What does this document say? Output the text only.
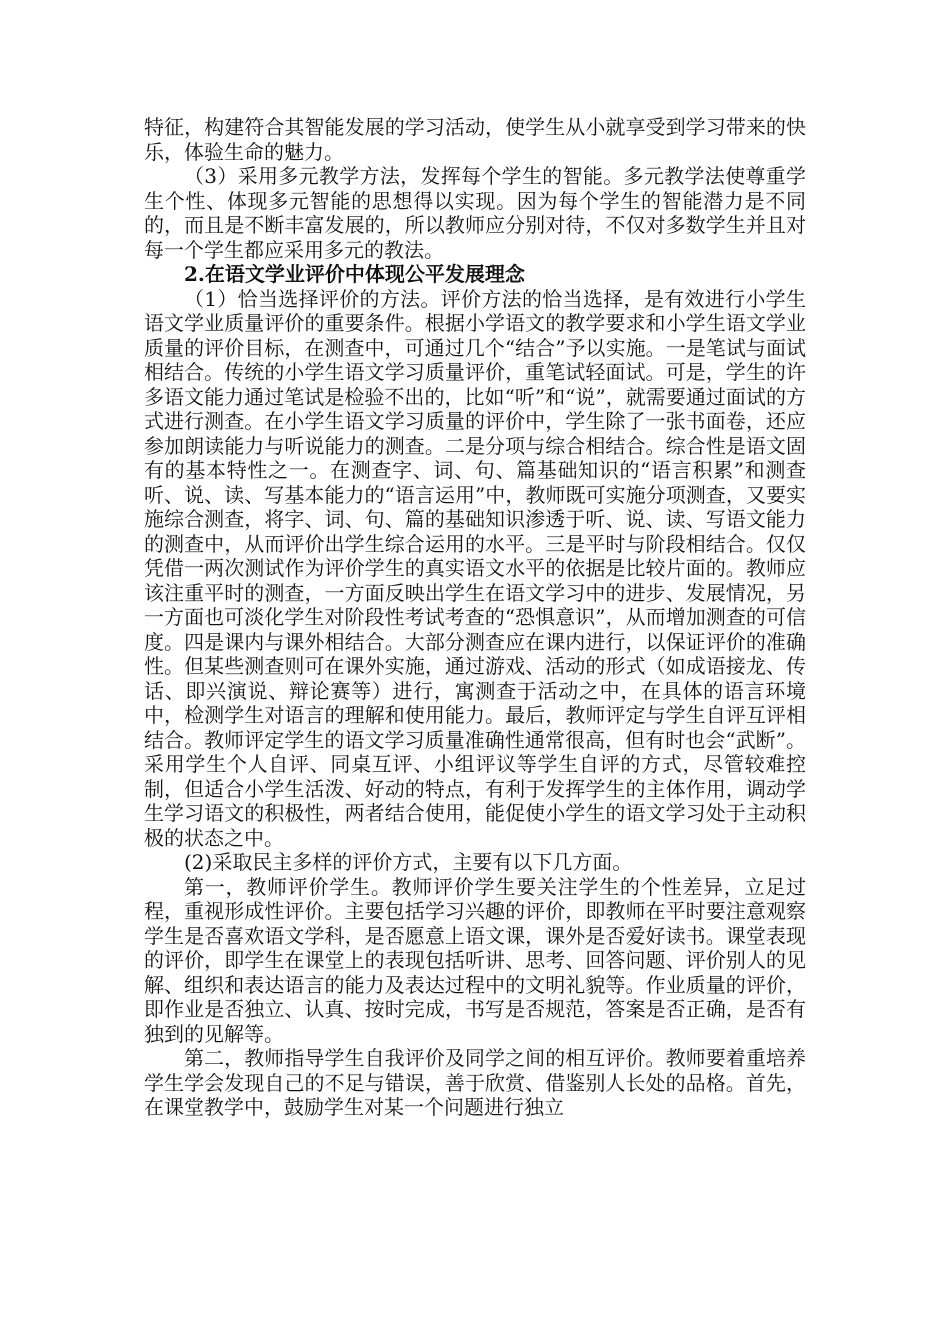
特征，构建符合其智能发展的学习活动，使学生从小就享受到学习带来的快乐，体验生命的魅力。

（3）采用多元教学方法，发挥每个学生的智能。多元教学法使尊重学生个性、体现多元智能的思想得以实现。因为每个学生的智能潜力是不同的，而且是不断丰富发展的，所以教师应分别对待，不仅对多数学生并且对每一个学生都应采用多元的教法。

2.在语文学业评价中体现公平发展理念

（1）恰当选择评价的方法。评价方法的恰当选择，是有效进行小学生语文学业质量评价的重要条件。根据小学语文的教学要求和小学生语文学业质量的评价目标，在测查中，可通过几个“结合”予以实施。一是笔试与面试相结合。传统的小学生语文学习质量评价，重笔试轻面试。可是，学生的许多语文能力通过笔试是检验不出的，比如“听”和“说”，就需要通过面试的方式进行测查。在小学生语文学习质量的评价中，学生除了一张书面卷，还应参加朗读能力与听说能力的测查。二是分项与综合相结合。综合性是语文固有的基本特性之一。在测查字、词、句、篇基础知识的“语言积累”和测查听、说、读、写基本能力的“语言运用”中，教师既可实施分项测查，又要实施综合测查，将字、词、句、篇的基础知识渗透于听、说、读、写语文能力的测查中，从而评价出学生综合运用的水平。三是平时与阶段相结合。仅仅凭借一两次测试作为评价学生的真实语文水平的依据是比较片面的。教师应该注重平时的测查，一方面反映出学生在语文学习中的进步、发展情况，另一方面也可淡化学生对阶段性考试考查的“恐惧意识”，从而增加测查的可信度。四是课内与课外相结合。大部分测查应在课内进行，以保证评价的准确性。但某些测查则可在课外实施，通过游戏、活动的形式（如成语接龙、传话、即兴演说、辩论赛等）进行，寓测查于活动之中，在具体的语言环境中，检测学生对语言的理解和使用能力。最后，教师评定与学生自评互评相结合。教师评定学生的语文学习质量准确性通常很高，但有时也会“武断”。采用学生个人自评、同桌互评、小组评议等学生自评的方式，尽管较难控制，但适合小学生活泼、好动的特点，有利于发挥学生的主体作用，调动学生学习语文的积极性，两者结合使用，能促使小学生的语文学习处于主动积极的状态之中。

(2)采取民主多样的评价方式，主要有以下几方面。

第一，教师评价学生。教师评价学生要关注学生的个性差异，立足过程，重视形成性评价。主要包括学习兴趣的评价，即教师在平时要注意观察学生是否喜欢语文学科，是否愿意上语文课，课外是否爱好读书。课堂表现的评价，即学生在课堂上的表现包括听讲、思考、回答问题、评价别人的见解、组织和表达语言的能力及表达过程中的文明礼貌等。作业质量的评价，即作业是否独立、认真、按时完成，书写是否规范，答案是否正确，是否有独到的见解等。

第二，教师指导学生自我评价及同学之间的相互评价。教师要着重培养学生学会发现自己的不足与错误，善于欣赏、借鉴别人长处的品格。首先，在课堂教学中，鼓励学生对某一个问题进行独立
